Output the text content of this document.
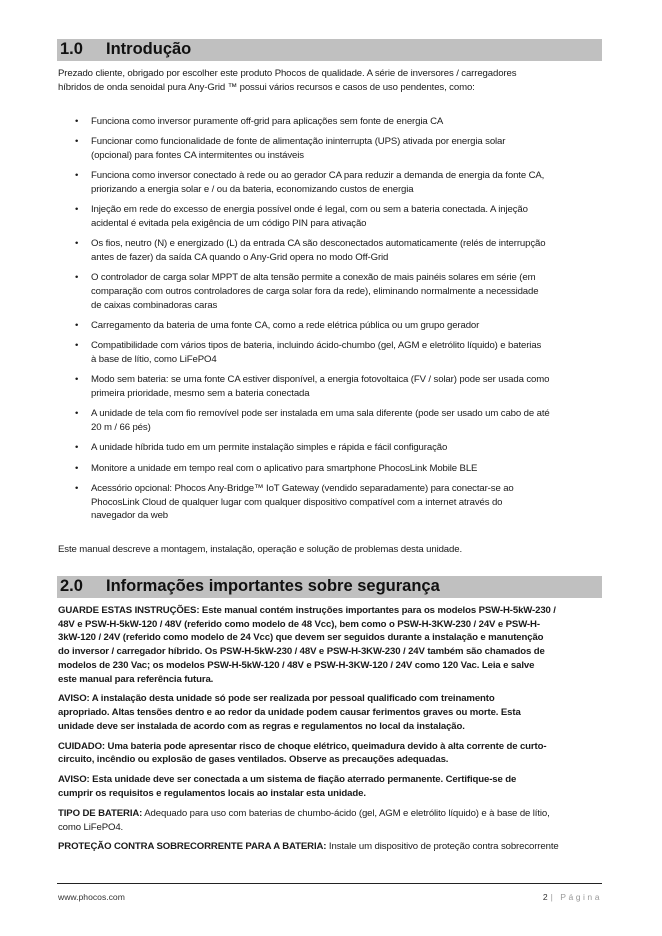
1.0 Introdução
Prezado cliente, obrigado por escolher este produto Phocos de qualidade. A série de inversores / carregadores
híbridos de onda senoidal pura Any-Grid ™ possui vários recursos e casos de uso pendentes, como:
• Funciona como inversor puramente off-grid para aplicações sem fonte de energia CA
• Funcionar como funcionalidade de fonte de alimentação ininterrupta (UPS) ativada por energia solar
(opcional) para fontes CA intermitentes ou instáveis
• Funciona como inversor conectado à rede ou ao gerador CA para reduzir a demanda de energia da fonte CA,
priorizando a energia solar e / ou da bateria, economizando custos de energia
• Injeção em rede do excesso de energia possível onde é legal, com ou sem a bateria conectada. A injeção
acidental é evitada pela exigência de um código PIN para ativação
• Os fios, neutro (N) e energizado (L) da entrada CA são desconectados automaticamente (relés de interrupção
antes de fazer) da saída CA quando o Any-Grid opera no modo Off-Grid
• O controlador de carga solar MPPT de alta tensão permite a conexão de mais painéis solares em série (em
comparação com outros controladores de carga solar fora da rede), eliminando normalmente a necessidade
de caixas combinadoras caras
• Carregamento da bateria de uma fonte CA, como a rede elétrica pública ou um grupo gerador
• Compatibilidade com vários tipos de bateria, incluindo ácido-chumbo (gel, AGM e eletrólito líquido) e baterias
à base de lítio, como LiFePO4
• Modo sem bateria: se uma fonte CA estiver disponível, a energia fotovoltaica (FV / solar) pode ser usada como
primeira prioridade, mesmo sem a bateria conectada
• A unidade de tela com fio removível pode ser instalada em uma sala diferente (pode ser usado um cabo de até
20 m / 66 pés)
• A unidade híbrida tudo em um permite instalação simples e rápida e fácil configuração
• Monitore a unidade em tempo real com o aplicativo para smartphone PhocosLink Mobile BLE
• Acessório opcional: Phocos Any-Bridge™ IoT Gateway (vendido separadamente) para conectar-se ao
PhocosLink Cloud de qualquer lugar com qualquer dispositivo compatível com a internet através do
navegador da web
Este manual descreve a montagem, instalação, operação e solução de problemas desta unidade.
2.0 Informações importantes sobre segurança
GUARDE ESTAS INSTRUÇÕES: Este manual contém instruções importantes para os modelos PSW-H-5kW-230 /
48V e PSW-H-5kW-120 / 48V (referido como modelo de 48 Vcc), bem como o PSW-H-3KW-230 / 24V e PSW-H-
3kW-120 / 24V (referido como modelo de 24 Vcc) que devem ser seguidos durante a instalação e manutenção
do inversor / carregador híbrido. Os PSW-H-5kW-230 / 48V e PSW-H-3KW-230 / 24V também são chamados de
modelos de 230 Vac; os modelos PSW-H-5kW-120 / 48V e PSW-H-3KW-120 / 24V como 120 Vac. Leia e salve
este manual para referência futura.
AVISO: A instalação desta unidade só pode ser realizada por pessoal qualificado com treinamento
apropriado. Altas tensões dentro e ao redor da unidade podem causar ferimentos graves ou morte. Esta
unidade deve ser instalada de acordo com as regras e regulamentos no local da instalação.
CUIDADO: Uma bateria pode apresentar risco de choque elétrico, queimadura devido à alta corrente de curto-
circuito, incêndio ou explosão de gases ventilados. Observe as precauções adequadas.
AVISO: Esta unidade deve ser conectada a um sistema de fiação aterrado permanente. Certifique-se de
cumprir os requisitos e regulamentos locais ao instalar esta unidade.
TIPO DE BATERIA: Adequado para uso com baterias de chumbo-ácido (gel, AGM e eletrólito líquido) e à base de lítio,
como LiFePO4.
PROTEÇÃO CONTRA SOBRECORRENTE PARA A BATERIA: Instale um dispositivo de proteção contra sobrecorrente
www.phocos.com	2 | Página
